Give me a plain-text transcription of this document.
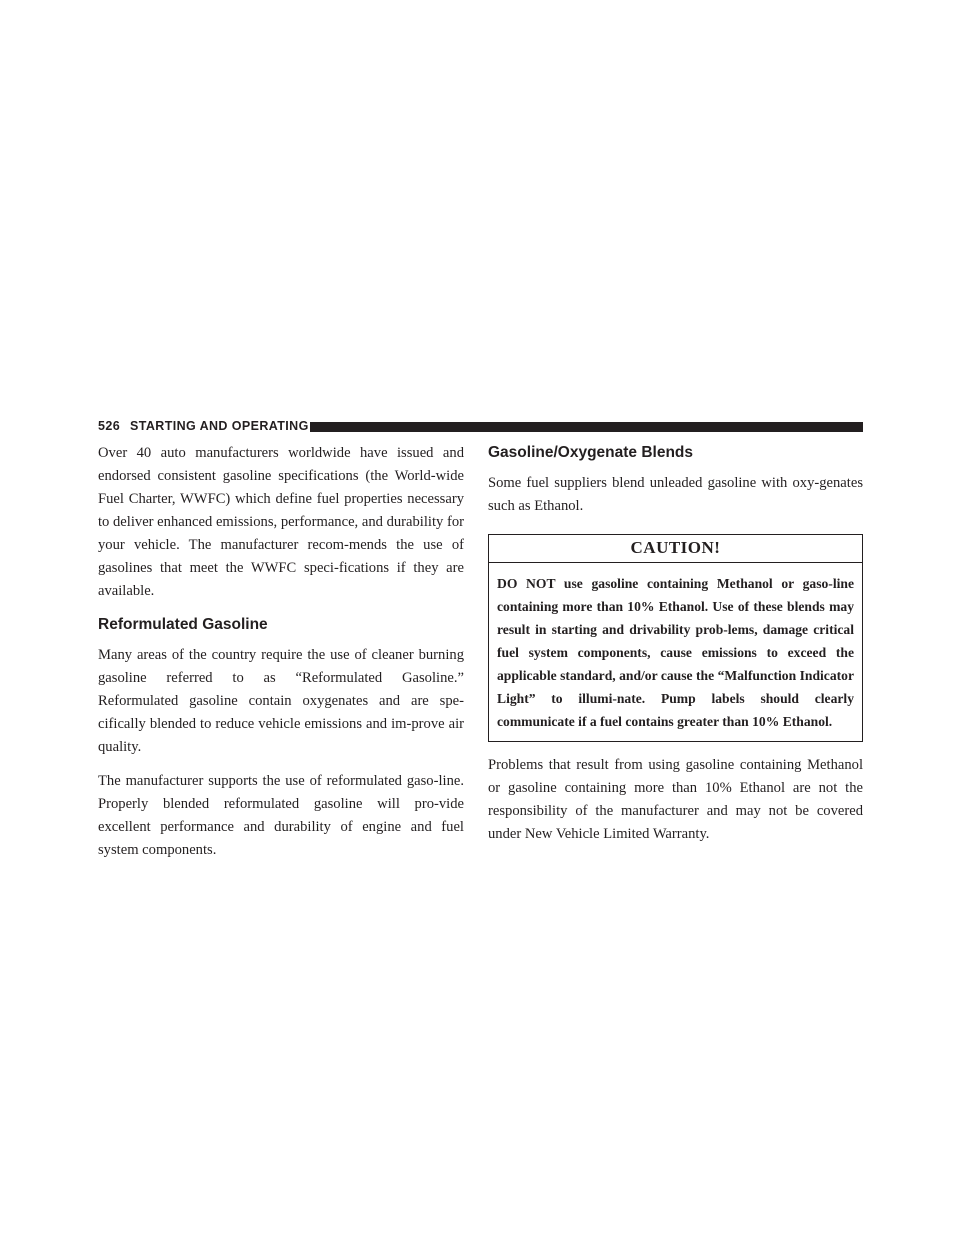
526 STARTING AND OPERATING

Over 40 auto manufacturers worldwide have issued and endorsed consistent gasoline specifications (the World-wide Fuel Charter, WWFC) which define fuel properties necessary to deliver enhanced emissions, performance, and durability for your vehicle. The manufacturer recom-mends the use of gasolines that meet the WWFC speci-fications if they are available.

Reformulated Gasoline

Many areas of the country require the use of cleaner burning gasoline referred to as “Reformulated Gasoline.” Reformulated gasoline contain oxygenates and are spe-cifically blended to reduce vehicle emissions and im-prove air quality.

The manufacturer supports the use of reformulated gaso-line. Properly blended reformulated gasoline will pro-vide excellent performance and durability of engine and fuel system components.

Gasoline/Oxygenate Blends

Some fuel suppliers blend unleaded gasoline with oxy-genates such as Ethanol.

CAUTION!

DO NOT use gasoline containing Methanol or gaso-line containing more than 10% Ethanol. Use of these blends may result in starting and drivability prob-lems, damage critical fuel system components, cause emissions to exceed the applicable standard, and/or cause the “Malfunction Indicator Light” to illumi-nate. Pump labels should clearly communicate if a fuel contains greater than 10% Ethanol.

Problems that result from using gasoline containing Methanol or gasoline containing more than 10% Ethanol are not the responsibility of the manufacturer and may not be covered under New Vehicle Limited Warranty.
